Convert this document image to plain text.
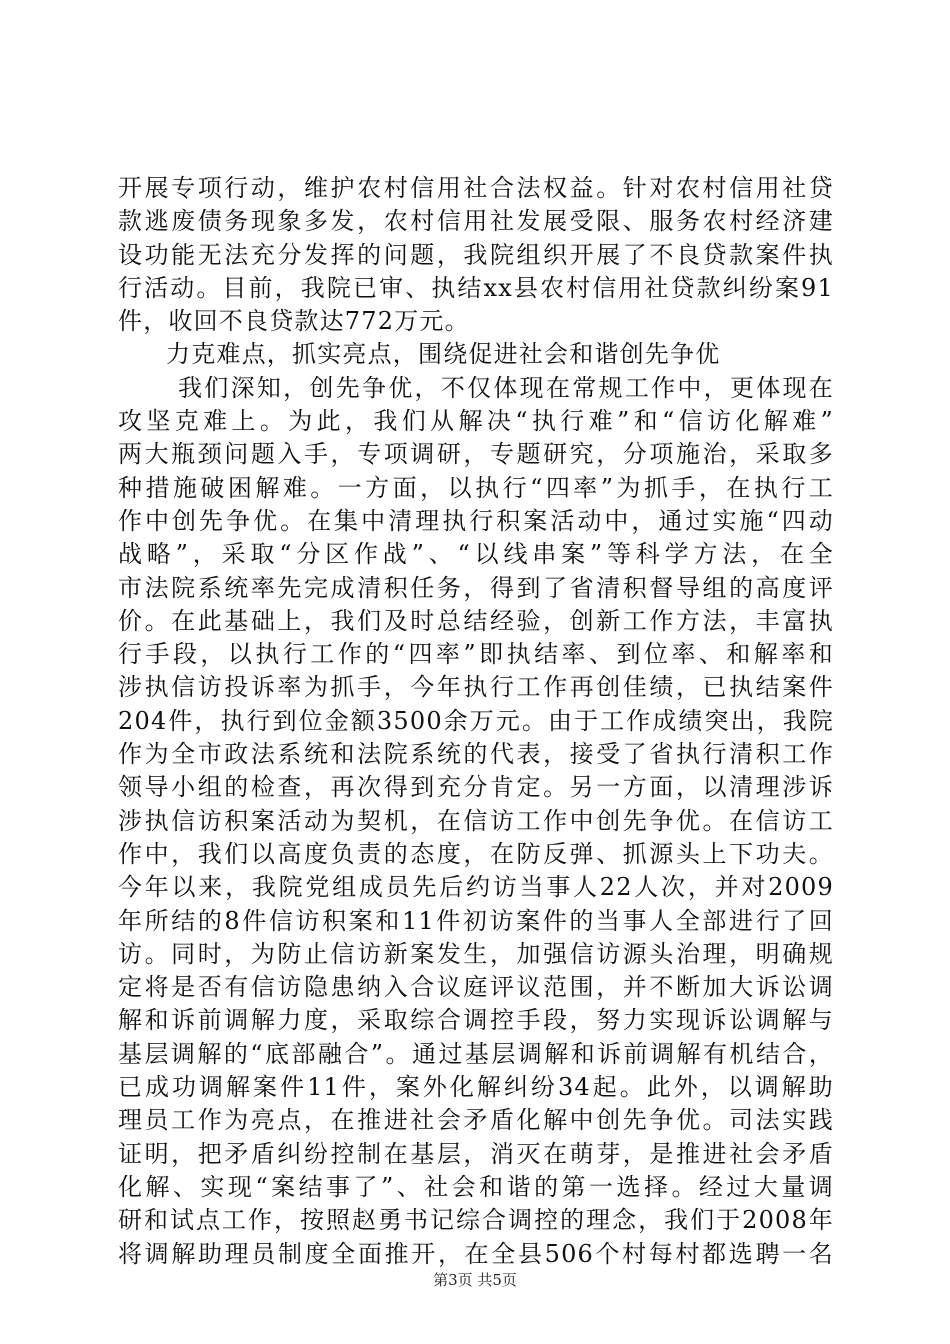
开展专项行动，维护农村信用社合法权益。针对农村信用社贷
款逃废债务现象多发，农村信用社发展受限、服务农村经济建
设功能无法充分发挥的问题，我院组织开展了不良贷款案件执
行活动。目前，我院已审、执结xx县农村信用社贷款纠纷案91
件，收回不良贷款达772万元。
力克难点，抓实亮点，围绕促进社会和谐创先争优
我们深知，创先争优，不仅体现在常规工作中，更体现在
攻坚克难上。为此，我们从解决“执行难”和“信访化解难”
两大瓶颈问题入手，专项调研，专题研究，分项施治，采取多
种措施破困解难。一方面，以执行“四率”为抓手，在执行工
作中创先争优。在集中清理执行积案活动中，通过实施“四动
战略”，采取“分区作战”、“以线串案”等科学方法，在全
市法院系统率先完成清积任务，得到了省清积督导组的高度评
价。在此基础上，我们及时总结经验，创新工作方法，丰富执
行手段，以执行工作的“四率”即执结率、到位率、和解率和
涉执信访投诉率为抓手，今年执行工作再创佳绩，已执结案件
204件，执行到位金额3500余万元。由于工作成绩突出，我院
作为全市政法系统和法院系统的代表，接受了省执行清积工作
领导小组的检查，再次得到充分肯定。另一方面，以清理涉诉
涉执信访积案活动为契机，在信访工作中创先争优。在信访工
作中，我们以高度负责的态度，在防反弹、抓源头上下功夫。
今年以来，我院党组成员先后约访当事人22人次，并对2009
年所结的8件信访积案和11件初访案件的当事人全部进行了回
访。同时，为防止信访新案发生，加强信访源头治理，明确规
定将是否有信访隐患纳入合议庭评议范围，并不断加大诉讼调
解和诉前调解力度，采取综合调控手段，努力实现诉讼调解与
基层调解的“底部融合”。通过基层调解和诉前调解有机结合，
已成功调解案件11件，案外化解纠纷34起。此外，以调解助
理员工作为亮点，在推进社会矛盾化解中创先争优。司法实践
证明，把矛盾纠纷控制在基层，消灭在萌芽，是推进社会矛盾
化解、实现“案结事了”、社会和谐的第一选择。经过大量调
研和试点工作，按照赵勇书记综合调控的理念，我们于2008年
将调解助理员制度全面推开，在全县506个村每村都选聘一名
第3页 共5页
